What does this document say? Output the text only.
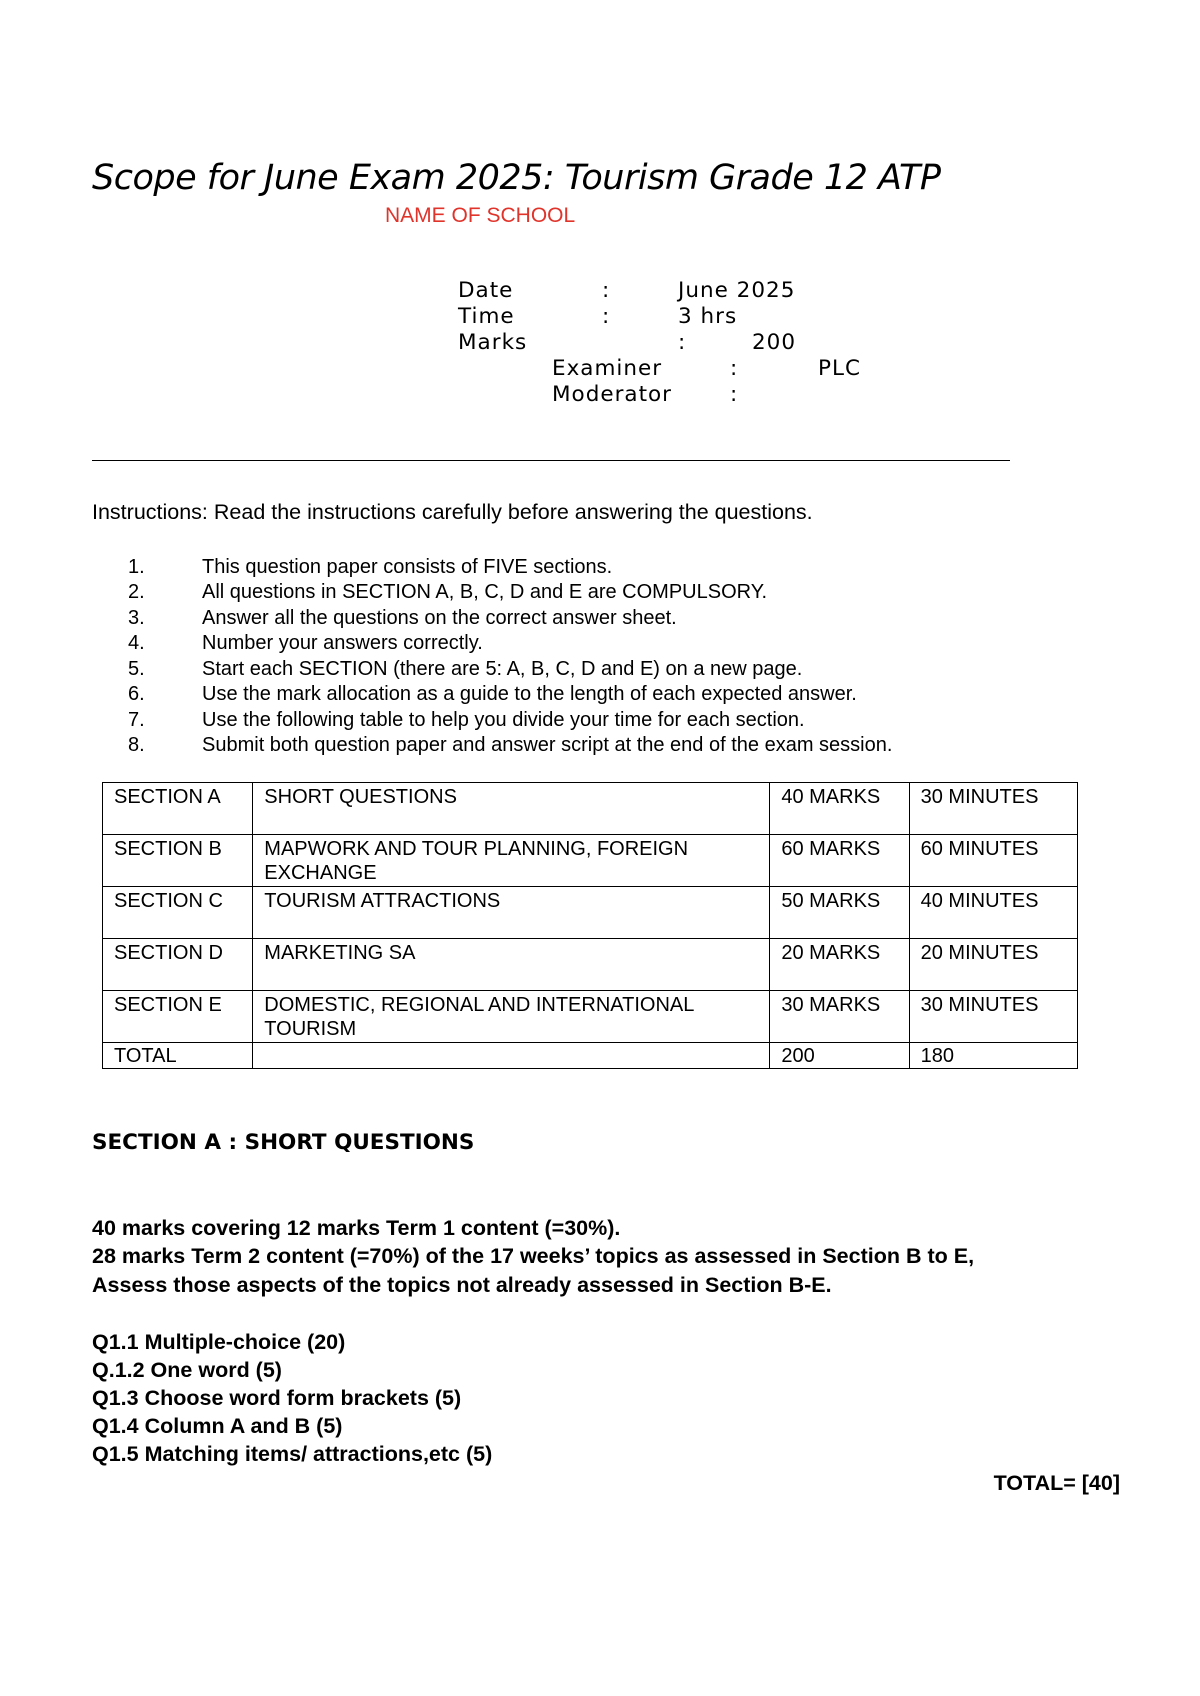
Scope for June Exam 2025: Tourism Grade 12 ATP
NAME OF SCHOOL
Date	:	June 2025
Time	:	3 hrs
Marks	:	200
Examiner	:	PLC
Moderator	:
Instructions: Read the instructions carefully before answering the questions.
1.	This question paper consists of FIVE sections.
2.	All questions in SECTION A, B, C, D and E are COMPULSORY.
3.	Answer all the questions on the correct answer sheet.
4.	Number your answers correctly.
5.	Start each SECTION (there are 5: A, B, C, D and E) on a new page.
6.	Use the mark allocation as a guide to the length of each expected answer.
7.	Use the following table to help you divide your time for each section.
8.	Submit both question paper and answer script at the end of the exam session.
SECTION A	SHORT QUESTIONS	40 MARKS	30 MINUTES
SECTION B	MAPWORK AND TOUR PLANNING, FOREIGN EXCHANGE	60 MARKS	60 MINUTES
SECTION C	TOURISM ATTRACTIONS	50 MARKS	40 MINUTES
SECTION D	MARKETING SA	20 MARKS	20 MINUTES
SECTION E	DOMESTIC, REGIONAL AND INTERNATIONAL TOURISM	30 MARKS	30 MINUTES
TOTAL		200	180
SECTION A : SHORT QUESTIONS
40 marks covering 12 marks Term 1 content (=30%).
28 marks Term 2 content (=70%) of the 17 weeks’ topics as assessed in Section B to E,
Assess those aspects of the topics not already assessed in Section B-E.
Q1.1 Multiple-choice (20)
Q.1.2 One word (5)
Q1.3 Choose word form brackets (5)
Q1.4 Column A and B (5)
Q1.5 Matching items/ attractions,etc (5)
TOTAL= [40]
